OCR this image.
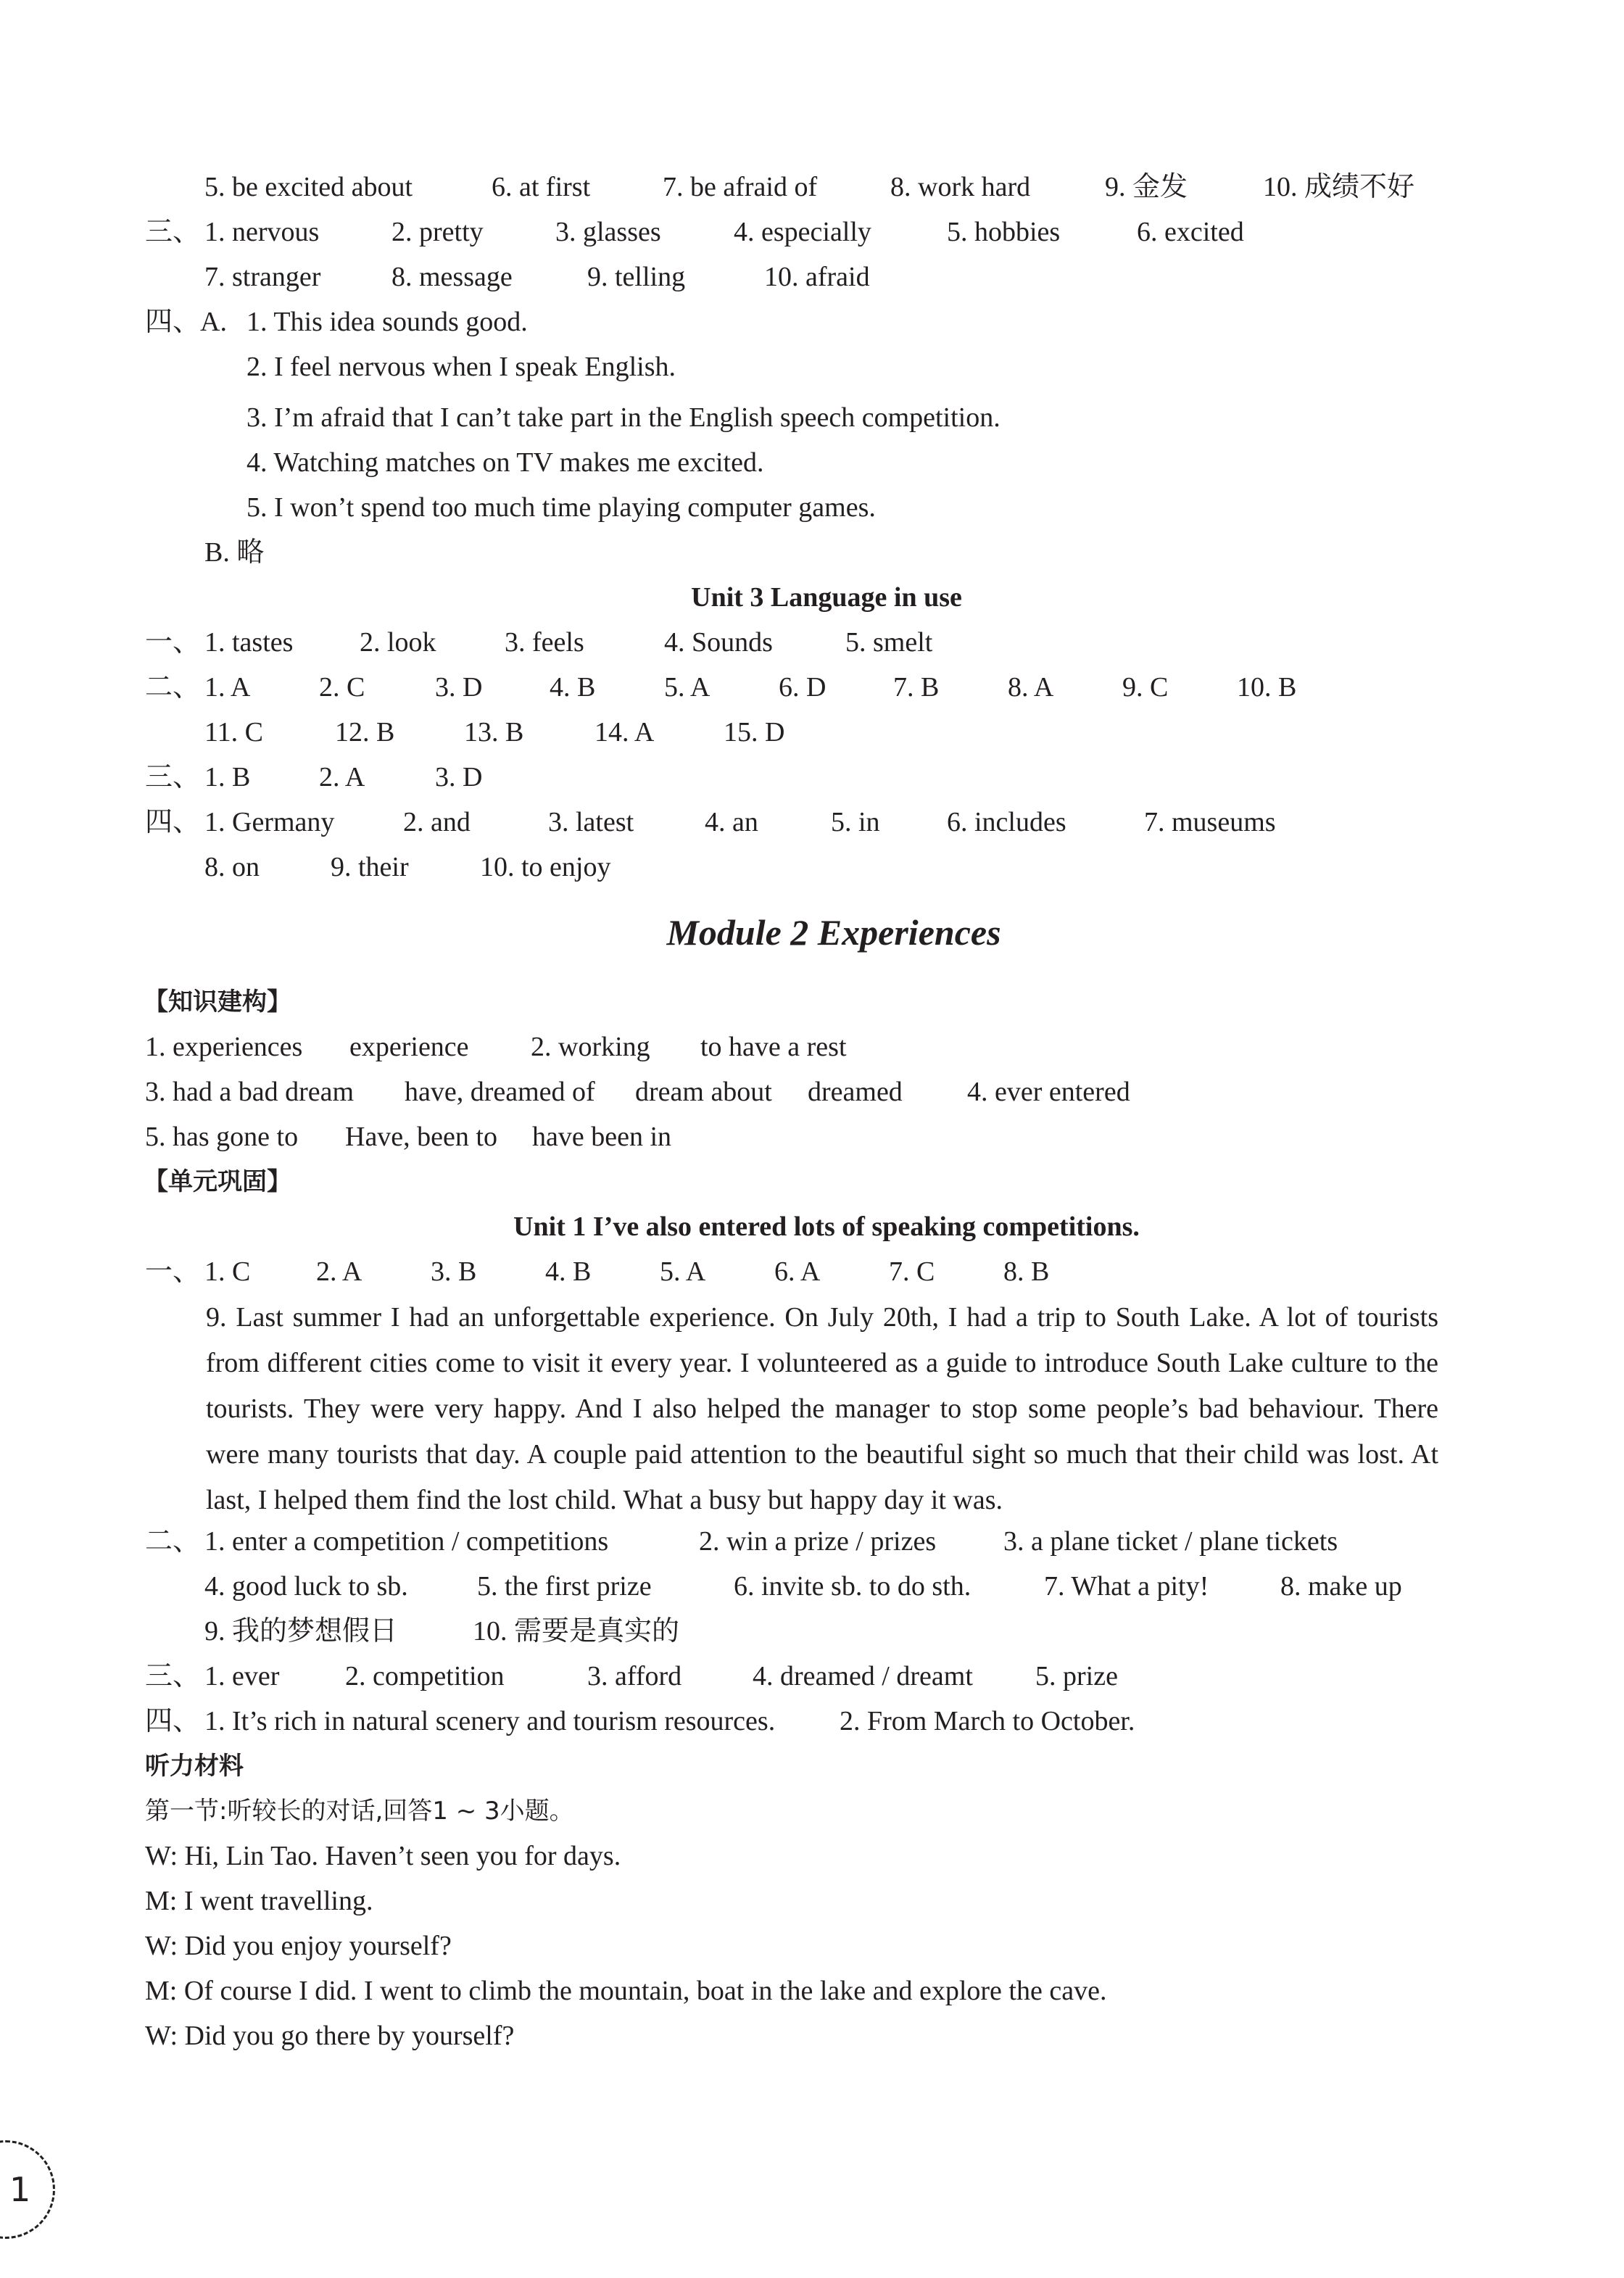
5. be excited about	6. at first	7. be afraid of	8. work hard	9. 金发	10. 成绩不好
三、 1. nervous	2. pretty	3. glasses	4. especially	5. hobbies	6. excited
7. stranger	8. message	9. telling	10. afraid
四、A. 1. This idea sounds good.
2. I feel nervous when I speak English.
3. I’m afraid that I can’t take part in the English speech competition.
4. Watching matches on TV makes me excited.
5. I won’t spend too much time playing computer games.
B. 略
Unit 3 Language in use
一、 1. tastes 2. look 3. feels	4. Sounds	5. smelt
二、 1. A 2. C	3. D 4. B 5. A 6. D 7. B 8. A 9. C 10. B
11. C	12. B	13. B	14. A	15. D
三、 1. B 2. A	3. D
四、 1. Germany 2. and	3. latest	4. an	5. in 6. includes	7. museums
8. on	9. their	10. to enjoy
Module 2 Experiences
【知识建构】
1. experiences experience 2. working to have a rest
3. had a bad dream have, dreamed of dream about dreamed 4. ever entered
5. has gone to Have, been to have been in
【单元巩固】
Unit 1 I’ve also entered lots of speaking competitions.
一、 1. C 2. A 3. B 4. B 5. A 6. A 7. C 8. B
9. Last summer I had an unforgettable experience. On July 20th, I had a trip to South Lake. A lot of tourists from different cities come to visit it every year. I volunteered as a guide to introduce South Lake culture to the tourists. They were very happy. And I also helped the manager to stop some people’s bad behaviour. There were many tourists that day. A couple paid attention to the beautiful sight so much that their child was lost. At last, I helped them find the lost child. What a busy but happy day it was.
二、 1. enter a competition / competitions	2. win a prize / prizes 3. a plane ticket / plane tickets
4. good luck to sb.	5. the first prize	6. invite sb. to do sth.	7. What a pity!	8. make up
9. 我的梦想假日	10. 需要是真实的
三、 1. ever 2. competition	3. afford	4. dreamed / dreamt 5. prize
四、 1. It’s rich in natural scenery and tourism resources. 2. From March to October.
听力材料
第一节:听较长的对话,回答1 ~ 3小题。
W: Hi, Lin Tao. Haven’t seen you for days.
M: I went travelling.
W: Did you enjoy yourself?
M: Of course I did. I went to climb the mountain, boat in the lake and explore the cave.
W: Did you go there by yourself?
1
